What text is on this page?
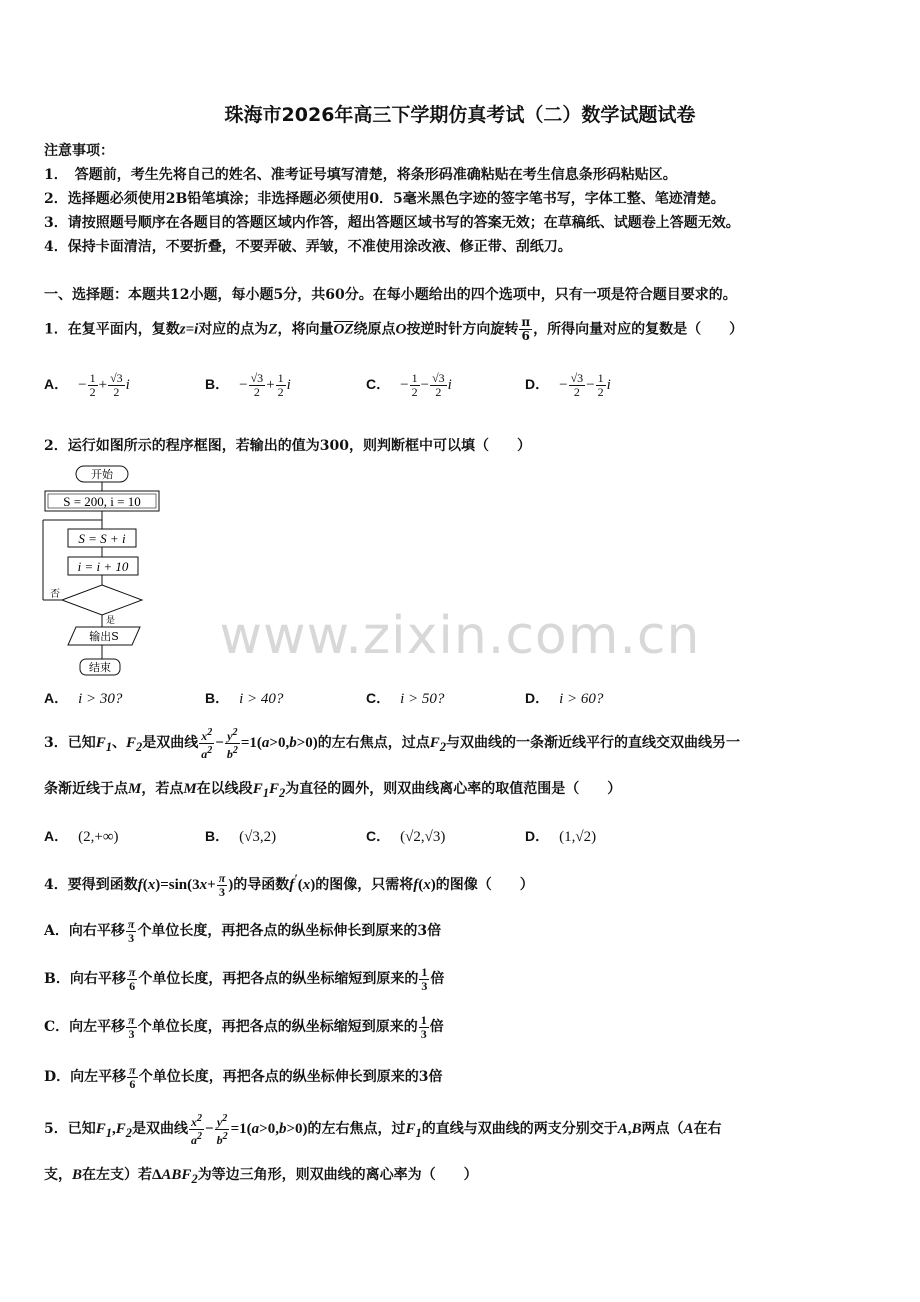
珠海市2026年高三下学期仿真考试（二）数学试题试卷
注意事项：
1．　答题前，考生先将自己的姓名、准考证号填写清楚，将条形码准确粘贴在考生信息条形码粘贴区。
2．选择题必须使用2B铅笔填涂；非选择题必须使用0．5毫米黑色字迹的签字笔书写，字体工整、笔迹清楚。
3．请按照题号顺序在各题目的答题区域内作答，超出答题区域书写的答案无效；在草稿纸、试题卷上答题无效。
4．保持卡面清洁，不要折叠，不要弄破、弄皱，不准使用涂改液、修正带、刮纸刀。
一、选择题：本题共12小题，每小题5分，共60分。在每小题给出的四个选项中，只有一项是符合题目要求的。
1．在复平面内，复数z=i对应的点为Z，将向量$\overline{OZ}$绕原点O按逆时针方向旋转 $\frac{\pi}{6}$ ，所得向量对应的复数是（　　）
A． − $\frac{1}{2} + \frac{√3}{2}$ i	B． − $\frac{√3}{2} + \frac{1}{2}$ i	C． − $\frac{1}{2} - \frac{√3}{2}$ i	D． − $\frac{√3}{2} - \frac{1}{2}$ i
2．运行如图所示的程序框图，若输出的值为300，则判断框中可以填（　　）
开始
S = 200, i = 10
S = S + i
i = i + 10
否
是
输出S
结束
A． i > 30?	B． i > 40?	C． i > 50?	D． i > 60?
3．已知$F_1$、$F_2$是双曲线 $\frac{x^2}{a^2} - \frac{y^2}{b^2} =1(a>0,b>0)$的左右焦点，过点$F_2$与双曲线的一条渐近线平行的直线交双曲线另一
条渐近线于点M，若点M在以线段$F_1F_2$为直径的圆外，则双曲线离心率的取值范围是（　　）
A． (2,+∞)	B． (√3,2)	C． (√2,√3)	D． (1,√2)
4．要得到函数$f(x)=\sin(3x+ \frac{\pi}{3}$ )的导函数f′(x)的图像，只需将f(x)的图像（　　）
A．向右平移 $\frac{\pi}{3}$ 个单位长度，再把各点的纵坐标伸长到原来的3倍
B．向右平移 $\frac{\pi}{6}$ 个单位长度，再把各点的纵坐标缩短到原来的 $\frac{1}{3}$ 倍
C．向左平移 $\frac{\pi}{3}$ 个单位长度，再把各点的纵坐标缩短到原来的 $\frac{1}{3}$ 倍
D．向左平移 $\frac{\pi}{6}$ 个单位长度，再把各点的纵坐标伸长到原来的3倍
5．已知$F_1,F_2$是双曲线 $\frac{x^2}{a^2} - \frac{y^2}{b^2} =1(a>0,b>0)$的左右焦点，过$F_1$的直线与双曲线的两支分别交于A,B两点（A在右
支，B在左支）若$\Delta ABF_2$为等边三角形，则双曲线的离心率为（　　）
www.zixin.com.cn
